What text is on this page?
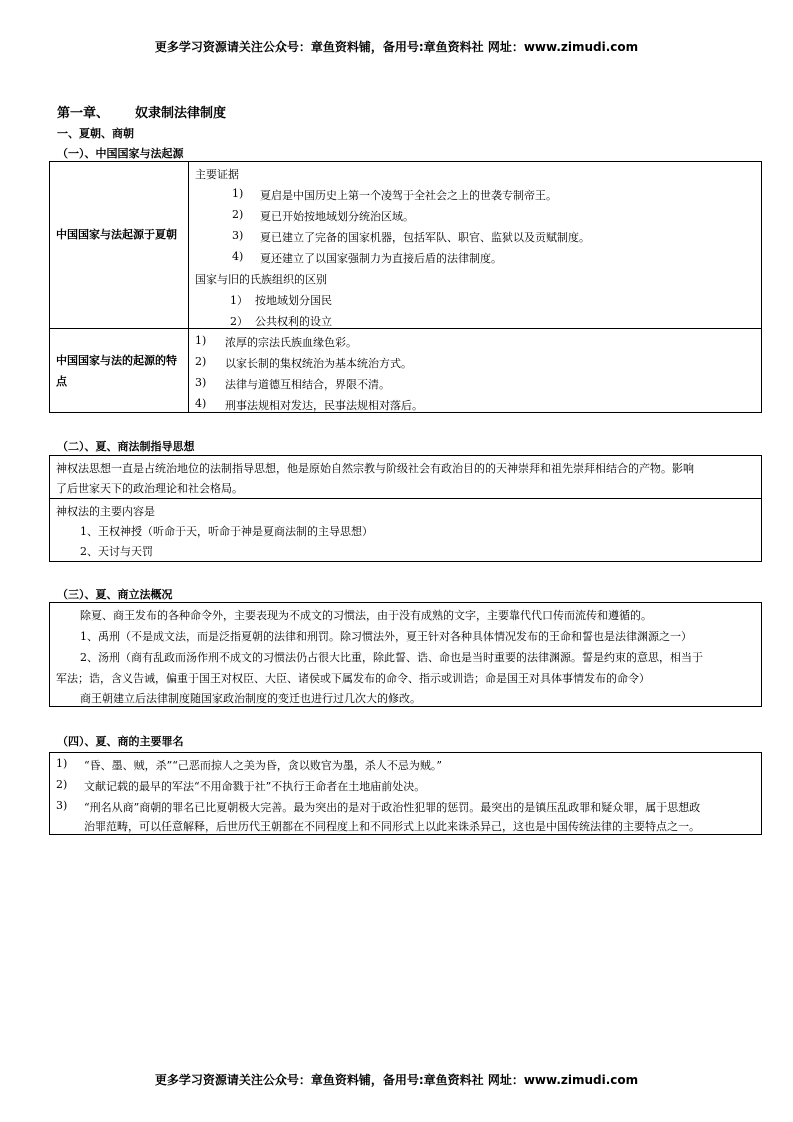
更多学习资源请关注公众号：章鱼资料铺，备用号:章鱼资料社 网址：www.zimudi.com
第一章、 奴隶制法律制度
一、夏朝、商朝
（一）、中国国家与法起源
中国国家与法起源于夏朝
中国国家与法的起源的特点
主要证据
1) 夏启是中国历史上第一个凌驾于全社会之上的世袭专制帝王。
2) 夏已开始按地域划分统治区域。
3) 夏已建立了完备的国家机器，包括军队、职官、监狱以及贡赋制度。
4) 夏还建立了以国家强制力为直接后盾的法律制度。
国家与旧的氏族组织的区别
1） 按地域划分国民
2） 公共权利的设立
1) 浓厚的宗法氏族血缘色彩。
2) 以家长制的集权统治为基本统治方式。
3) 法律与道德互相结合，界限不清。
4) 刑事法规相对发达，民事法规相对落后。
（二）、夏、商法制指导思想
神权法思想一直是占统治地位的法制指导思想，他是原始自然宗教与阶级社会有政治目的的天神崇拜和祖先崇拜相结合的产物。影响
了后世家天下的政治理论和社会格局。
神权法的主要内容是
1、王权神授（听命于天，听命于神是夏商法制的主导思想）
2、天讨与天罚
（三）、夏、商立法概况
除夏、商王发布的各种命令外，主要表现为不成文的习惯法，由于没有成熟的文字，主要靠代代口传而流传和遵循的。
1、禹刑（不是成文法，而是泛指夏朝的法律和刑罚。除习惯法外，夏王针对各种具体情况发布的王命和誓也是法律渊源之一）
2、汤刑（商有乱政而汤作刑不成文的习惯法仍占很大比重，除此誓、诰、命也是当时重要的法律渊源。誓是约束的意思，相当于
军法；诰，含义告诫，偏重于国王对权臣、大臣、诸侯或下属发布的命令、指示或训诰；命是国王对具体事情发布的命令）
商王朝建立后法律制度随国家政治制度的变迁也进行过几次大的修改。
（四）、夏、商的主要罪名
1) “昏、墨、贼，杀”“己恶而掠人之美为昏，贪以败官为墨，杀人不忌为贼。”
2) 文献记载的最早的军法“不用命戮于社”不执行王命者在土地庙前处决。
3) “刑名从商”商朝的罪名已比夏朝极大完善。最为突出的是对于政治性犯罪的惩罚。最突出的是镇压乱政罪和疑众罪，属于思想政
治罪范畴，可以任意解释，后世历代王朝都在不同程度上和不同形式上以此来诛杀异己，这也是中国传统法律的主要特点之一。
更多学习资源请关注公众号：章鱼资料铺，备用号:章鱼资料社 网址：www.zimudi.com
